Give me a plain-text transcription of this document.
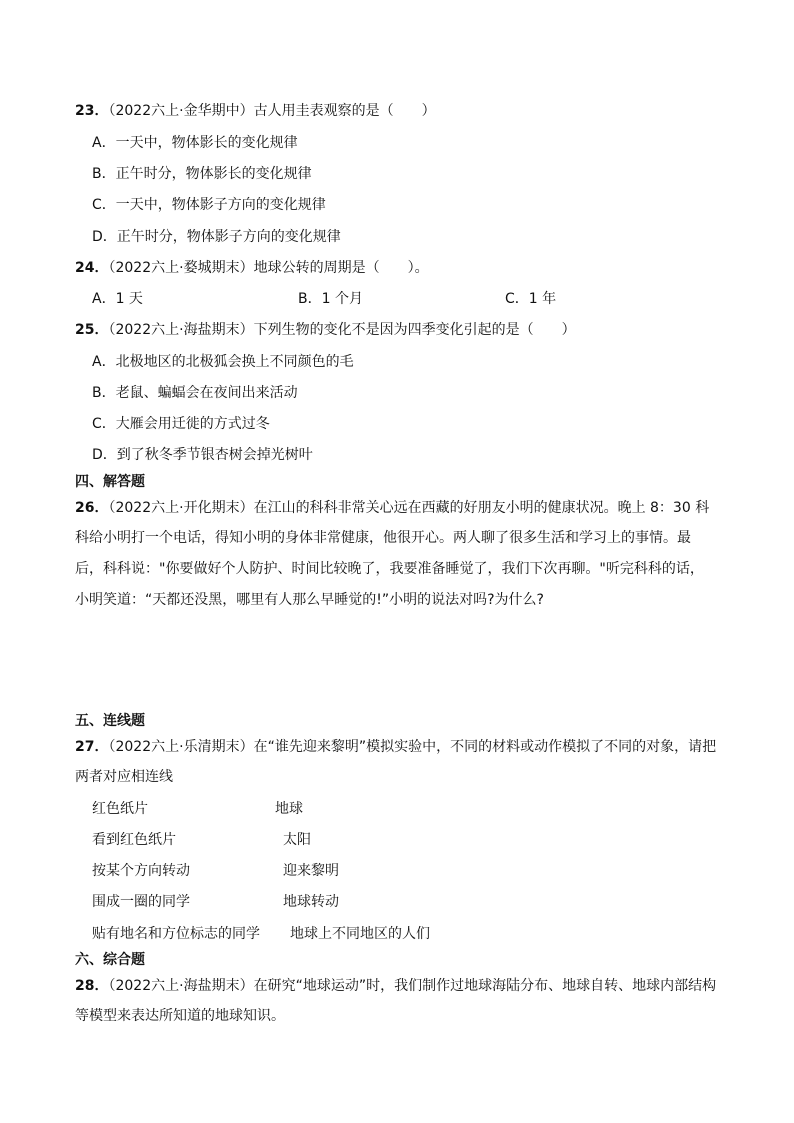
23．（2022六上·金华期中）古人用圭表观察的是（　　）
A．一天中，物体影长的变化规律
B．正午时分，物体影长的变化规律
C．一天中，物体影子方向的变化规律
D．正午时分，物体影子方向的变化规律
24．（2022六上·婺城期末）地球公转的周期是（　　）。
A．1 天	B．1 个月	C．1 年
25．（2022六上·海盐期末）下列生物的变化不是因为四季变化引起的是（　　）
A．北极地区的北极狐会换上不同颜色的毛
B．老鼠、蝙蝠会在夜间出来活动
C．大雁会用迁徙的方式过冬
D．到了秋冬季节银杏树会掉光树叶
四、解答题
26．（2022六上·开化期末）在江山的科科非常关心远在西藏的好朋友小明的健康状况。晚上 8：30 科
科给小明打一个电话，得知小明的身体非常健康，他很开心。两人聊了很多生活和学习上的事情。最
后，科科说："你要做好个人防护、时间比较晚了，我要准备睡觉了，我们下次再聊。"听完科科的话，
小明笑道：“天都还没黑，哪里有人那么早睡觉的!”小明的说法对吗?为什么?
五、连线题
27．（2022六上·乐清期末）在“谁先迎来黎明”模拟实验中，不同的材料或动作模拟了不同的对象，请把
两者对应相连线
红色纸片	地球
看到红色纸片	太阳
按某个方向转动	迎来黎明
围成一圈的同学	地球转动
贴有地名和方位标志的同学 地球上不同地区的人们
六、综合题
28．（2022六上·海盐期末）在研究“地球运动”时，我们制作过地球海陆分布、地球自转、地球内部结构
等模型来表达所知道的地球知识。
